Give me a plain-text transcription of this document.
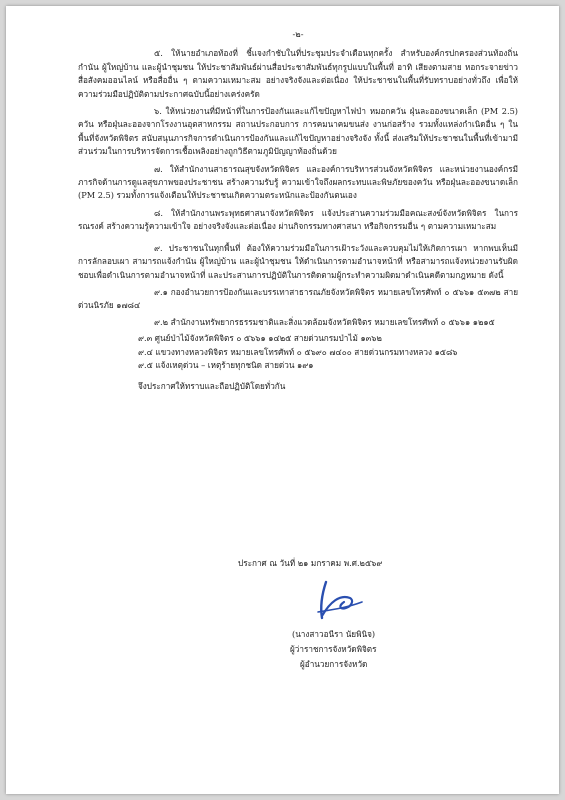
-๒-

๕. ให้นายอำเภอท้องที่ ชี้แจงกำชับในที่ประชุมประจำเดือนทุกครั้ง สำหรับองค์กรปกครองส่วนท้องถิ่น กำนัน ผู้ใหญ่บ้าน และผู้นำชุมชน ให้ประชาสัมพันธ์ผ่านสื่อประชาสัมพันธ์ทุกรูปแบบในพื้นที่ อาทิ เสียงตามสาย หอกระจายข่าว สื่อสังคมออนไลน์ หรือสื่ออื่น ๆ ตามความเหมาะสม อย่างจริงจังและต่อเนื่อง ให้ประชาชนในพื้นที่รับทราบอย่างทั่วถึง เพื่อให้ความร่วมมือปฏิบัติตามประกาศฉบับนี้อย่างเคร่งครัด

๖. ให้หน่วยงานที่มีหน้าที่ในการป้องกันและแก้ไขปัญหาไฟป่า หมอกควัน ฝุ่นละอองขนาดเล็ก (PM 2.5) ควัน หรือฝุ่นละอองจากโรงงานอุตสาหกรรม สถานประกอบการ การคมนาคมขนส่ง งานก่อสร้าง รวมทั้งแหล่งกำเนิดอื่น ๆ ในพื้นที่จังหวัดพิจิตร สนับสนุนภารกิจการดำเนินการป้องกันและแก้ไขปัญหาอย่างจริงจัง ทั้งนี้ ส่งเสริมให้ประชาชนในพื้นที่เข้ามามีส่วนร่วมในการบริหารจัดการเชื้อเพลิงอย่างถูกวิธีตามภูมิปัญญาท้องถิ่นด้วย

๗. ให้สำนักงานสาธารณสุขจังหวัดพิจิตร และองค์การบริหารส่วนจังหวัดพิจิตร และหน่วยงานองค์กรมีภารกิจด้านการดูแลสุขภาพของประชาชน สร้างความรับรู้ ความเข้าใจถึงผลกระทบและพิษภัยของควัน หรือฝุ่นละอองขนาดเล็ก (PM 2.5) รวมทั้งการแจ้งเตือนให้ประชาชนเกิดความตระหนักและป้องกันตนเอง

๘. ให้สำนักงานพระพุทธศาสนาจังหวัดพิจิตร แจ้งประสานความร่วมมือคณะสงฆ์จังหวัดพิจิตร ในการรณรงค์ สร้างความรู้ความเข้าใจ อย่างจริงจังและต่อเนื่อง ผ่านกิจกรรมทางศาสนา หรือกิจกรรมอื่น ๆ ตามความเหมาะสม

๙. ประชาชนในทุกพื้นที่ ต้องให้ความร่วมมือในการเฝ้าระวังและควบคุมไม่ให้เกิดการเผา หากพบเห็นมีการลักลอบเผา สามารถแจ้งกำนัน ผู้ใหญ่บ้าน และผู้นำชุมชน ให้ดำเนินการตามอำนาจหน้าที่ หรือสามารถแจ้งหน่วยงานรับผิดชอบเพื่อดำเนินการตามอำนาจหน้าที่ และประสานการปฏิบัติในการติดตามผู้กระทำความผิดมาดำเนินคดีตามกฎหมาย ดังนี้

๙.๑ กองอำนวยการป้องกันและบรรเทาสาธารณภัยจังหวัดพิจิตร หมายเลขโทรศัพท์ ๐ ๕๖๖๑ ๕๓๗๒ สายด่วนนิรภัย ๑๗๘๔

๙.๒ สำนักงานทรัพยากรธรรมชาติและสิ่งแวดล้อมจังหวัดพิจิตร หมายเลขโทรศัพท์ ๐ ๕๖๖๑ ๑๒๑๕

๙.๓ ศูนย์ป่าไม้จังหวัดพิจิตร ๐ ๕๖๖๑ ๑๔๒๕ สายด่วนกรมป่าไม้ ๑๓๖๒

๙.๔ แขวงทางหลวงพิจิตร หมายเลขโทรศัพท์ ๐ ๕๖๙๐ ๗๔๐๐ สายด่วนกรมทางหลวง ๑๕๘๖

๙.๕ แจ้งเหตุด่วน – เหตุร้ายทุกชนิด สายด่วน ๑๙๑

จึงประกาศให้ทราบและถือปฏิบัติโดยทั่วกัน

ประกาศ ณ วันที่ ๒๑ มกราคม พ.ศ.๒๕๖๙
(นางสาวอนีรา นัยพินิจ)
ผู้ว่าราชการจังหวัดพิจิตร
ผู้อำนวยการจังหวัด
